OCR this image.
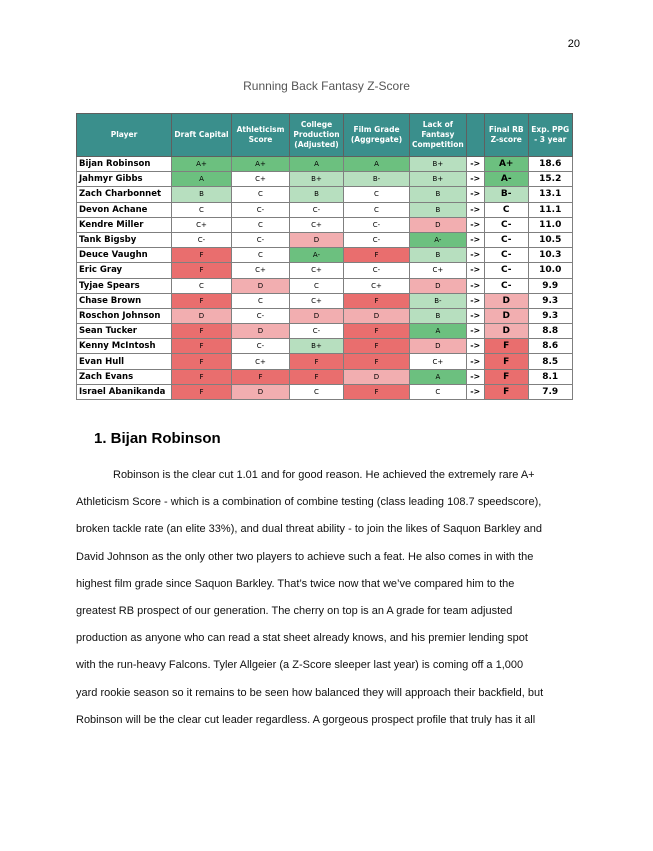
20
Running Back Fantasy Z-Score
Player	Draft Capital	Athleticism Score	College Production (Adjusted)	Film Grade (Aggregate)	Lack of Fantasy Competition		Final RB Z-score	Exp. PPG - 3 year
Bijan Robinson	A+	A+	A	A	B+	->	A+	18.6
Jahmyr Gibbs	A	C+	B+	B-	B+	->	A-	15.2
Zach Charbonnet	B	C	B	C	B	->	B-	13.1
Devon Achane	C	C-	C-	C	B	->	C	11.1
Kendre Miller	C+	C	C+	C-	D	->	C-	11.0
Tank Bigsby	C-	C-	D	C-	A-	->	C-	10.5
Deuce Vaughn	F	C	A-	F	B	->	C-	10.3
Eric Gray	F	C+	C+	C-	C+	->	C-	10.0
Tyjae Spears	C	D	C	C+	D	->	C-	9.9
Chase Brown	F	C	C+	F	B-	->	D	9.3
Roschon Johnson	D	C-	D	D	B	->	D	9.3
Sean Tucker	F	D	C-	F	A	->	D	8.8
Kenny McIntosh	F	C-	B+	F	D	->	F	8.6
Evan Hull	F	C+	F	F	C+	->	F	8.5
Zach Evans	F	F	F	D	A	->	F	8.1
Israel Abanikanda	F	D	C	F	C	->	F	7.9
1. Bijan Robinson
Robinson is the clear cut 1.01 and for good reason. He achieved the extremely rare A+
Athleticism Score - which is a combination of combine testing (class leading 108.7 speedscore),
broken tackle rate (an elite 33%), and dual threat ability - to join the likes of Saquon Barkley and
David Johnson as the only other two players to achieve such a feat. He also comes in with the
highest film grade since Saquon Barkley. That’s twice now that we’ve compared him to the
greatest RB prospect of our generation. The cherry on top is an A grade for team adjusted
production as anyone who can read a stat sheet already knows, and his premier lending spot
with the run-heavy Falcons. Tyler Allgeier (a Z-Score sleeper last year) is coming off a 1,000
yard rookie season so it remains to be seen how balanced they will approach their backfield, but
Robinson will be the clear cut leader regardless. A gorgeous prospect profile that truly has it all
